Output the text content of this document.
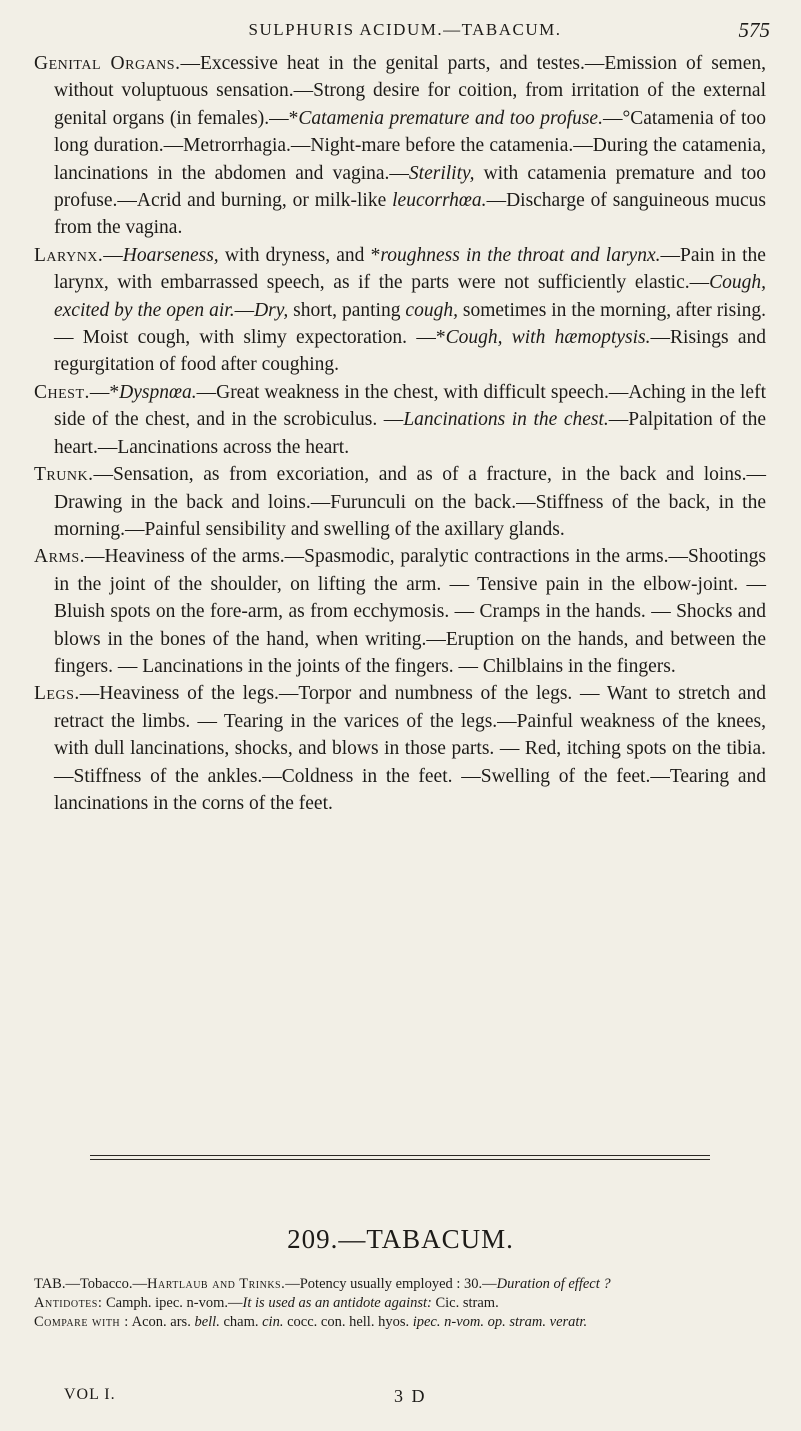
SULPHURIS ACIDUM.—TABACUM.	575

Genital Organs.—Excessive heat in the genital parts, and testes.—Emission of semen, without voluptuous sensation.—Strong desire for coition, from irritation of the external genital organs (in females).—*Catamenia premature and too profuse.—°Catamenia of too long duration.—Metrorrhagia.—Night-mare before the catamenia.—During the catamenia, lancinations in the abdomen and vagina.—Sterility, with catamenia premature and too profuse.—Acrid and burning, or milk-like leucorrhœa.—Discharge of sanguineous mucus from the vagina.

Larynx.—Hoarseness, with dryness, and *roughness in the throat and larynx.—Pain in the larynx, with embarrassed speech, as if the parts were not sufficiently elastic.—Cough, excited by the open air.—Dry, short, panting cough, sometimes in the morning, after rising. — Moist cough, with slimy expectoration. —*Cough, with hæmoptysis.—Risings and regurgitation of food after coughing.

Chest.—*Dyspnœa.—Great weakness in the chest, with difficult speech.—Aching in the left side of the chest, and in the scrobiculus. —Lancinations in the chest.—Palpitation of the heart.—Lancinations across the heart.

Trunk.—Sensation, as from excoriation, and as of a fracture, in the back and loins.—Drawing in the back and loins.—Furunculi on the back.—Stiffness of the back, in the morning.—Painful sensibility and swelling of the axillary glands.

Arms.—Heaviness of the arms.—Spasmodic, paralytic contractions in the arms.—Shootings in the joint of the shoulder, on lifting the arm. — Tensive pain in the elbow-joint. — Bluish spots on the fore-arm, as from ecchymosis. — Cramps in the hands. — Shocks and blows in the bones of the hand, when writing.—Eruption on the hands, and between the fingers. — Lancinations in the joints of the fingers. — Chilblains in the fingers.

Legs.—Heaviness of the legs.—Torpor and numbness of the legs. — Want to stretch and retract the limbs. — Tearing in the varices of the legs.—Painful weakness of the knees, with dull lancinations, shocks, and blows in those parts. — Red, itching spots on the tibia.—Stiffness of the ankles.—Coldness in the feet. —Swelling of the feet.—Tearing and lancinations in the corns of the feet.

209.—TABACUM.

TAB.—Tobacco.—Hartlaub and Trinks.—Potency usually employed : 30.—Duration of effect ?

Antidotes: Camph. ipec. n-vom.—It is used as an antidote against: Cic. stram.

Compare with : Acon. ars. bell. cham. cin. cocc. con. hell. hyos. ipec. n-vom. op. stram. veratr.

VOL I.	3 D
